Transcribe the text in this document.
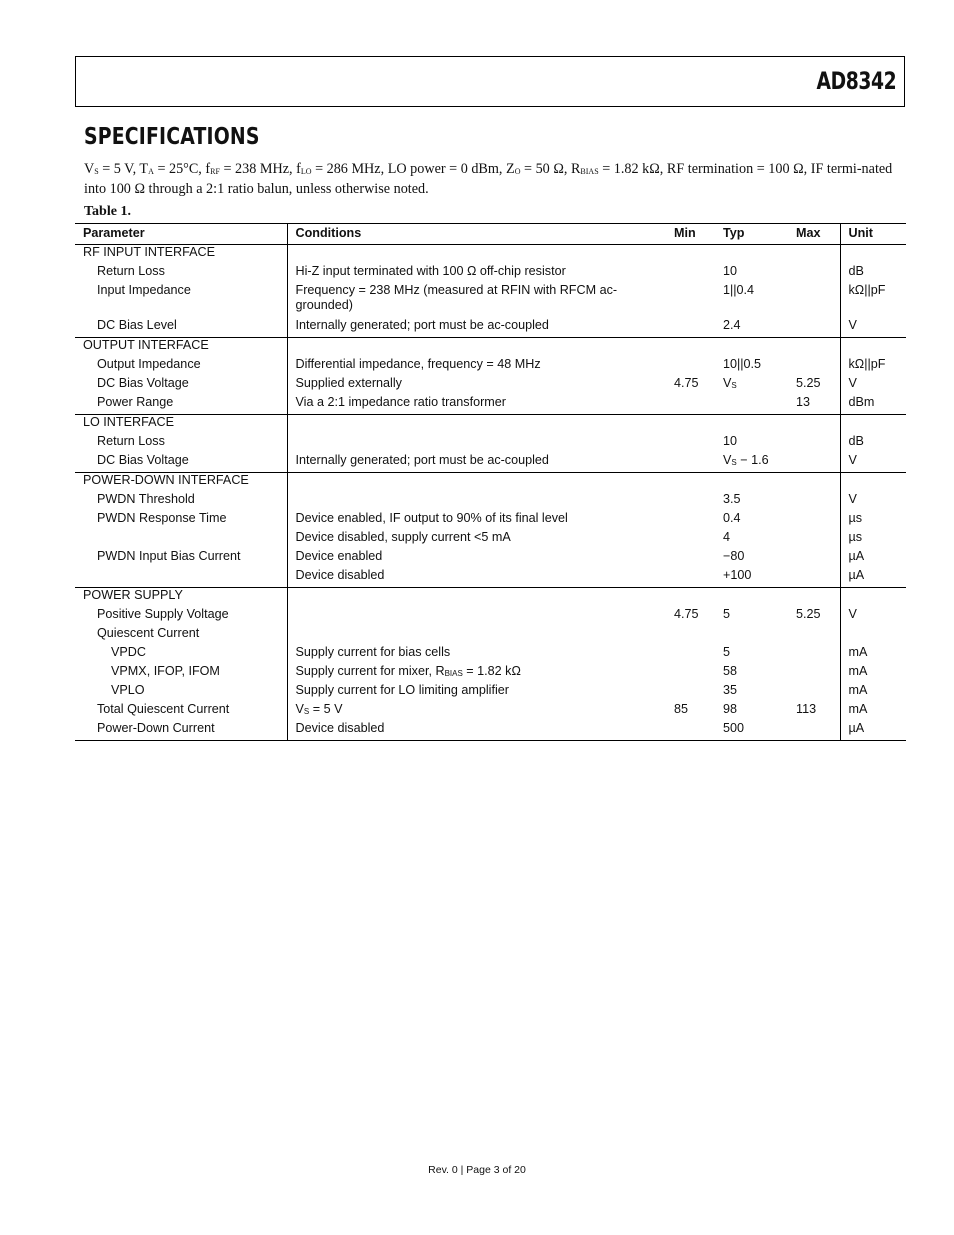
AD8342
SPECIFICATIONS
$V_S = 5$ V, $T_A = 25^\circ C$, $f_{RF} = 238$ MHz, $f_{LO} = 286$ MHz, LO power = 0 dBm, $Z_O = 50$ Ω, $R_{BIAS} = 1.82$ kΩ, RF termination = 100 Ω, IF termi-nated into 100 Ω through a 2:1 ratio balun, unless otherwise noted.
Table 1.
Parameter	Conditions	Min	Typ	Max	Unit
RF INPUT INTERFACE					
Return Loss	Hi-Z input terminated with 100 Ω off-chip resistor		10		dB
Input Impedance	Frequency = 238 MHz (measured at RFIN with RFCM ac-grounded)		1||0.4		kΩ||pF
DC Bias Level	Internally generated; port must be ac-coupled		2.4		V
OUTPUT INTERFACE					
Output Impedance	Differential impedance, frequency = 48 MHz		10||0.5		kΩ||pF
DC Bias Voltage	Supplied externally	4.75	$V_S$	5.25	V
Power Range	Via a 2:1 impedance ratio transformer			13	dBm
LO INTERFACE					
Return Loss			10		dB
DC Bias Voltage	Internally generated; port must be ac-coupled		$V_S - 1.6$		V
POWER-DOWN INTERFACE					
PWDN Threshold			3.5		V
PWDN Response Time	Device enabled, IF output to 90% of its final level		0.4		µs
	Device disabled, supply current <5 mA		4		µs
PWDN Input Bias Current	Device enabled		−80		µA
	Device disabled		+100		µA
POWER SUPPLY					
Positive Supply Voltage		4.75	5	5.25	V
Quiescent Current					
VPDC	Supply current for bias cells		5		mA
VPMX, IFOP, IFOM	Supply current for mixer, $R_{BIAS} = 1.82$ kΩ		58		mA
VPLO	Supply current for LO limiting amplifier		35		mA
Total Quiescent Current	$V_S = 5$ V	85	98	113	mA
Power-Down Current	Device disabled		500		µA
Rev. 0 | Page 3 of 20
